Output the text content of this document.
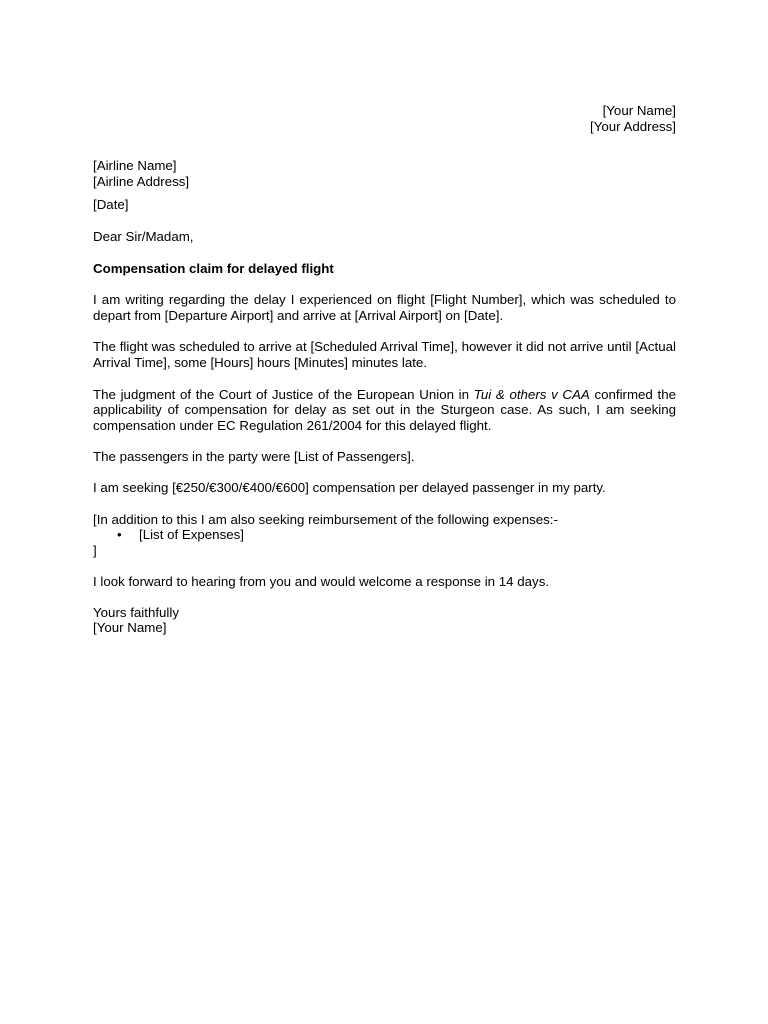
[Your Name]
[Your Address]
[Airline Name]
[Airline Address]
[Date]
Dear Sir/Madam,
Compensation claim for delayed flight
I am writing regarding the delay I experienced on flight [Flight Number], which was scheduled to depart from [Departure Airport] and arrive at [Arrival Airport] on [Date].
The flight was scheduled to arrive at [Scheduled Arrival Time], however it did not arrive until [Actual Arrival Time], some [Hours] hours [Minutes] minutes late.
The judgment of the Court of Justice of the European Union in Tui & others v CAA confirmed the applicability of compensation for delay as set out in the Sturgeon case. As such, I am seeking compensation under EC Regulation 261/2004 for this delayed flight.
The passengers in the party were [List of Passengers].
I am seeking [€250/€300/€400/€600] compensation per delayed passenger in my party.
[In addition to this I am also seeking reimbursement of the following expenses:-
• [List of Expenses]
]
I look forward to hearing from you and would welcome a response in 14 days.
Yours faithfully
[Your Name]
